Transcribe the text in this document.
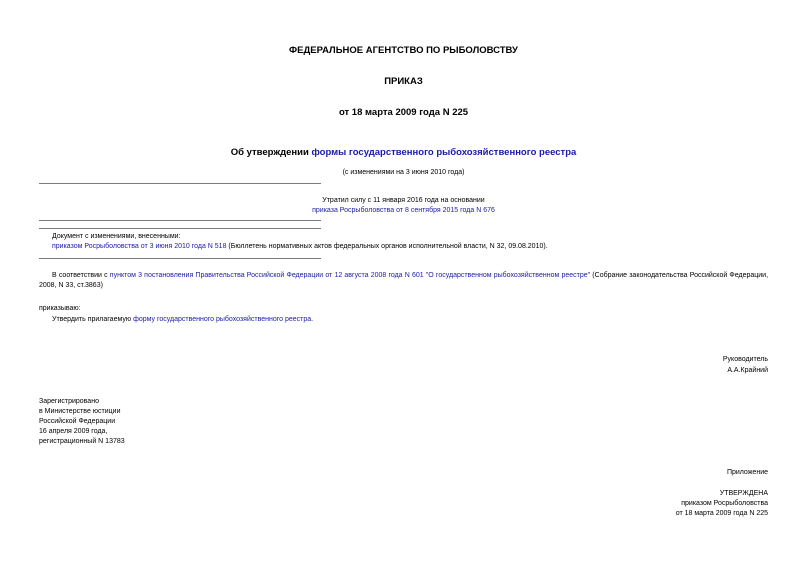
ФЕДЕРАЛЬНОЕ АГЕНТСТВО ПО РЫБОЛОВСТВУ
ПРИКАЗ
от 18 марта 2009 года N 225
Об утверждении формы государственного рыбохозяйственного реестра
(с изменениями на 3 июня 2010 года)
Утратил силу с 11 января 2016 года на основании
приказа Росрыболовства от 8 сентября 2015 года N 676
Документ с изменениями, внесенными:
приказом Росрыболовства от 3 июня 2010 года N 518 (Бюллетень нормативных актов федеральных органов исполнительной власти, N 32, 09.08.2010).
В соответствии с пунктом 3 постановления Правительства Российской Федерации от 12 августа 2008 года N 601 "О государственном рыбохозяйственном реестре" (Собрание законодательства Российской Федерации, 2008, N 33, ст.3863)
приказываю:
Утвердить прилагаемую форму государственного рыбохозяйственного реестра.
Руководитель
А.А.Крайний
Зарегистрировано
в Министерстве юстиции
Российской Федерации
16 апреля 2009 года,
регистрационный N 13783
Приложение
УТВЕРЖДЕНА
приказом Росрыболовства
от 18 марта 2009 года N 225
